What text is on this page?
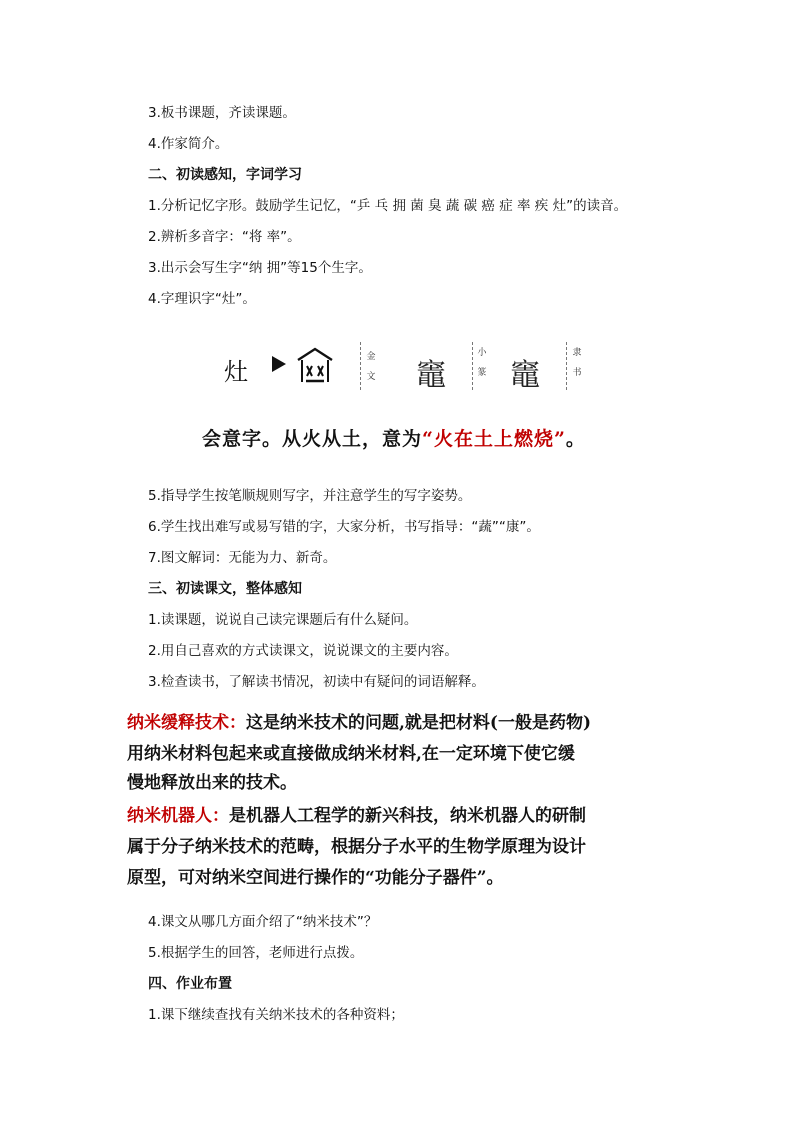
3.板书课题，齐读课题。
4.作家简介。
二、初读感知，字词学习
1.分析记忆字形。鼓励学生记忆，“乒 乓 拥 菌 臭 蔬 碳 癌 症 率 疾 灶”的读音。
2.辨析多音字：“将 率”。
3.出示会写生字“纳 拥”等15个生字。
4.字理识字“灶”。
灶
金
文 竈
小
篆 竈
隶
书
会意字。从火从土，意为“火在土上燃烧”。
5.指导学生按笔顺规则写字，并注意学生的写字姿势。
6.学生找出难写或易写错的字，大家分析，书写指导：“蔬”“康”。
7.图文解词：无能为力、新奇。
三、初读课文，整体感知
1.读课题，说说自己读完课题后有什么疑问。
2.用自己喜欢的方式读课文，说说课文的主要内容。
3.检查读书，了解读书情况，初读中有疑问的词语解释。
纳米缓释技术：这是纳米技术的问题,就是把材料(一般是药物)
用纳米材料包起来或直接做成纳米材料,在一定环境下使它缓
慢地释放出来的技术。
纳米机器人：是机器人工程学的新兴科技，纳米机器人的研制
属于分子纳米技术的范畴，根据分子水平的生物学原理为设计
原型，可对纳米空间进行操作的“功能分子器件”。
4.课文从哪几方面介绍了“纳米技术”？
5.根据学生的回答，老师进行点拨。
四、作业布置
1.课下继续查找有关纳米技术的各种资料；
